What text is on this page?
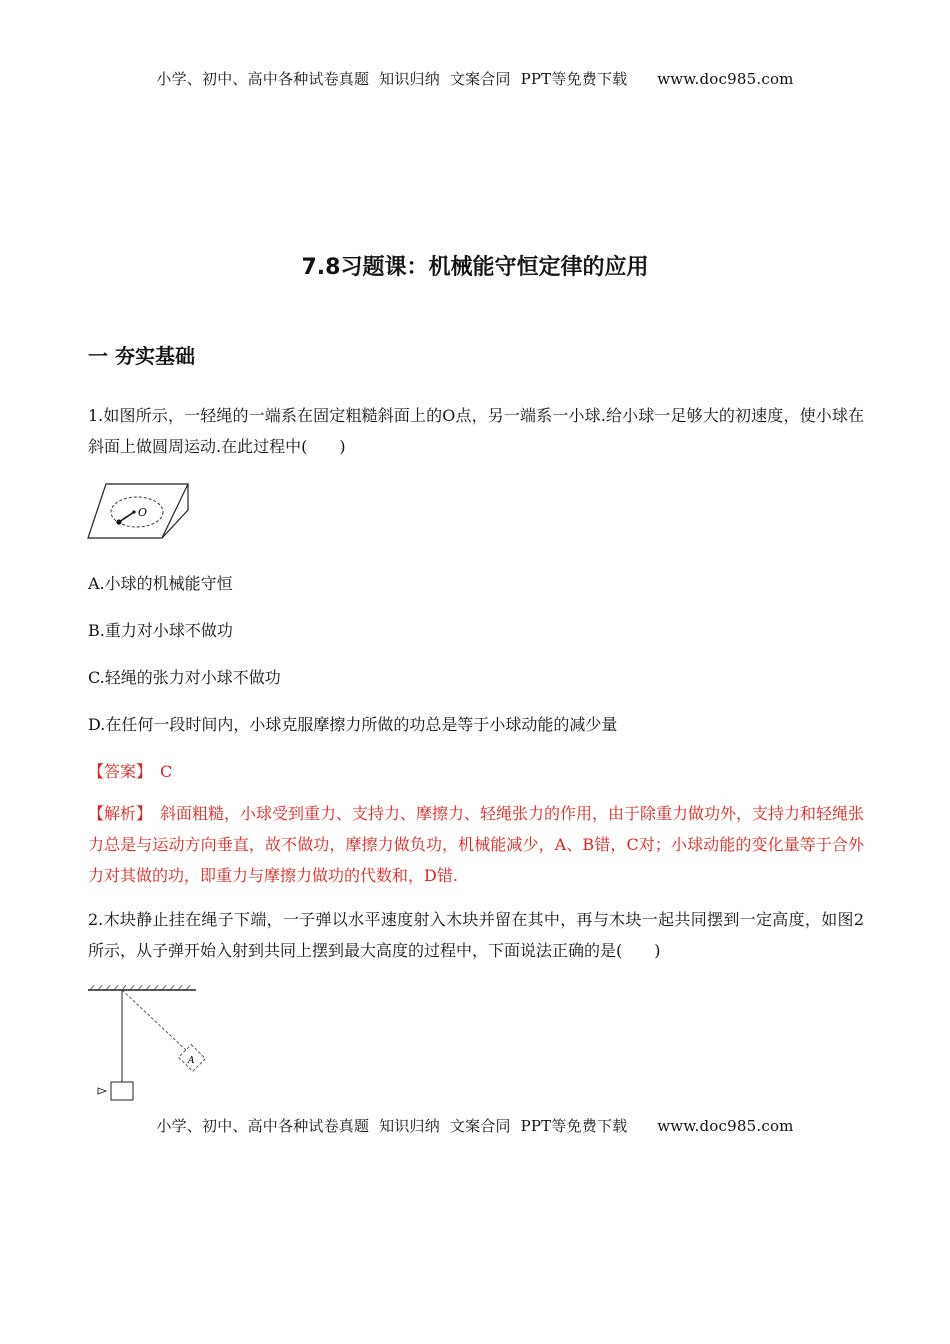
小学、初中、高中各种试卷真题  知识归纳  文案合同  PPT等免费下载      www.doc985.com
7.8习题课：机械能守恒定律的应用
一 夯实基础
1.如图所示，一轻绳的一端系在固定粗糙斜面上的O点，另一端系一小球.给小球一足够大的初速度，使小球在斜面上做圆周运动.在此过程中(　　)
O
A.小球的机械能守恒
B.重力对小球不做功
C.轻绳的张力对小球不做功
D.在任何一段时间内，小球克服摩擦力所做的功总是等于小球动能的减少量
【答案】　C
【解析】　斜面粗糙，小球受到重力、支持力、摩擦力、轻绳张力的作用，由于除重力做功外，支持力和轻绳张力总是与运动方向垂直，故不做功，摩擦力做负功，机械能减少，A、B错，C对；小球动能的变化量等于合外力对其做的功，即重力与摩擦力做功的代数和，D错.
2.木块静止挂在绳子下端，一子弹以水平速度射入木块并留在其中，再与木块一起共同摆到一定高度，如图2所示，从子弹开始入射到共同上摆到最大高度的过程中，下面说法正确的是(　　)
A
小学、初中、高中各种试卷真题  知识归纳  文案合同  PPT等免费下载      www.doc985.com
